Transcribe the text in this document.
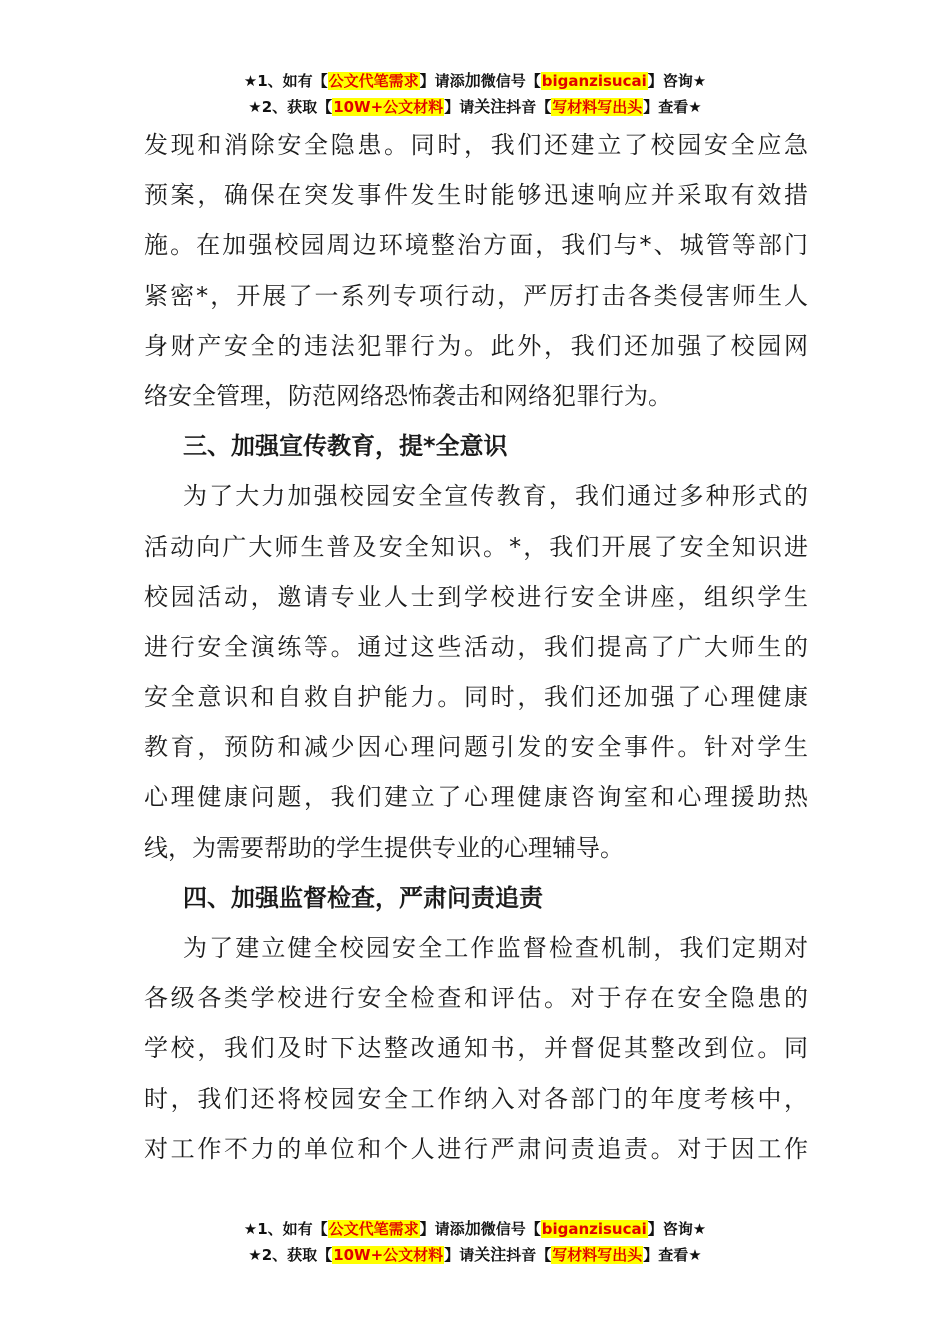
★1、如有【公文代笔需求】请添加微信号【biganzisucai】咨询★
★2、获取【10W+公文材料】请关注抖音【写材料写出头】查看★
发现和消除安全隐患。同时，我们还建立了校园安全应急
预案，确保在突发事件发生时能够迅速响应并采取有效措
施。在加强校园周边环境整治方面，我们与*、城管等部门
紧密*，开展了一系列专项行动，严厉打击各类侵害师生人
身财产安全的违法犯罪行为。此外，我们还加强了校园网
络安全管理，防范网络恐怖袭击和网络犯罪行为。
三、加强宣传教育，提*全意识
为了大力加强校园安全宣传教育，我们通过多种形式的
活动向广大师生普及安全知识。*，我们开展了安全知识进
校园活动，邀请专业人士到学校进行安全讲座，组织学生
进行安全演练等。通过这些活动，我们提高了广大师生的
安全意识和自救自护能力。同时，我们还加强了心理健康
教育，预防和减少因心理问题引发的安全事件。针对学生
心理健康问题，我们建立了心理健康咨询室和心理援助热
线，为需要帮助的学生提供专业的心理辅导。
四、加强监督检查，严肃问责追责
为了建立健全校园安全工作监督检查机制，我们定期对
各级各类学校进行安全检查和评估。对于存在安全隐患的
学校，我们及时下达整改通知书，并督促其整改到位。同
时，我们还将校园安全工作纳入对各部门的年度考核中，
对工作不力的单位和个人进行严肃问责追责。对于因工作
★1、如有【公文代笔需求】请添加微信号【biganzisucai】咨询★
★2、获取【10W+公文材料】请关注抖音【写材料写出头】查看★
